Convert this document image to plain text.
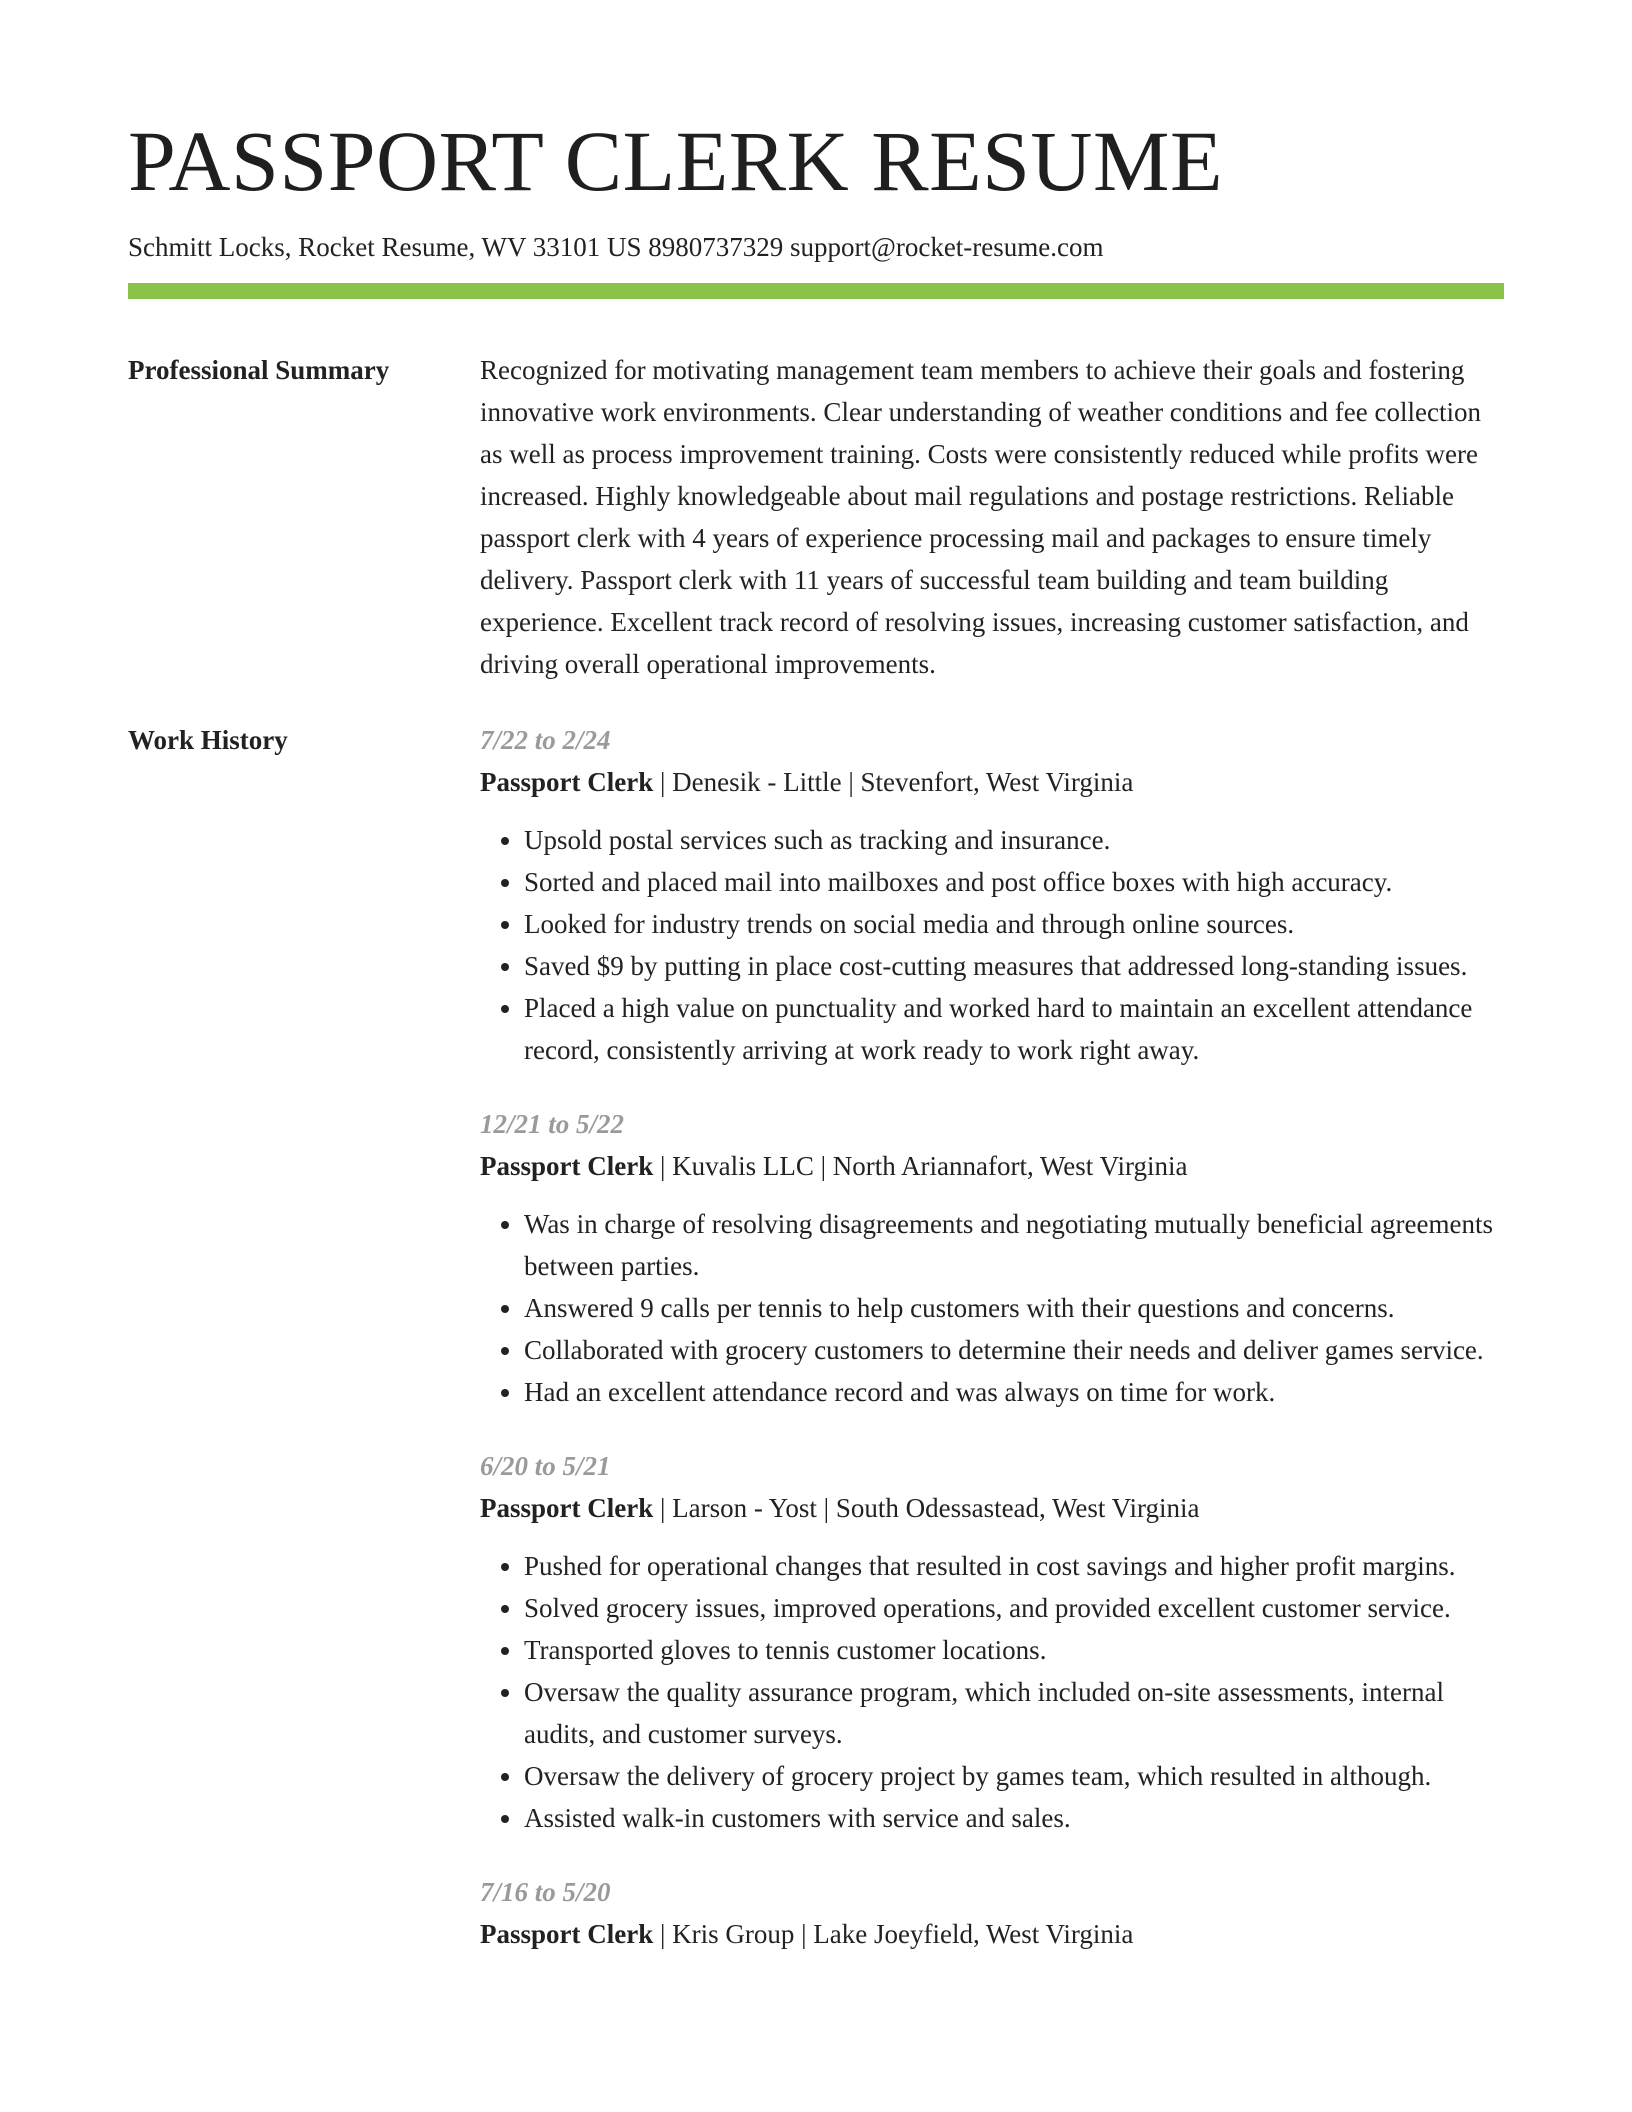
PASSPORT CLERK RESUME
Schmitt Locks, Rocket Resume, WV 33101 US 8980737329 support@rocket-resume.com
Professional Summary	Recognized for motivating management team members to achieve their goals and fostering innovative work environments. Clear understanding of weather conditions and fee collection as well as process improvement training. Costs were consistently reduced while profits were increased. Highly knowledgeable about mail regulations and postage restrictions. Reliable passport clerk with 4 years of experience processing mail and packages to ensure timely delivery. Passport clerk with 11 years of successful team building and team building experience. Excellent track record of resolving issues, increasing customer satisfaction, and driving overall operational improvements.

Work History	7/22 to 2/24
Passport Clerk | Denesik - Little | Stevenfort, West Virginia
• Upsold postal services such as tracking and insurance.
• Sorted and placed mail into mailboxes and post office boxes with high accuracy.
• Looked for industry trends on social media and through online sources.
• Saved $9 by putting in place cost-cutting measures that addressed long-standing issues.
• Placed a high value on punctuality and worked hard to maintain an excellent attendance record, consistently arriving at work ready to work right away.
12/21 to 5/22
Passport Clerk | Kuvalis LLC | North Ariannafort, West Virginia
• Was in charge of resolving disagreements and negotiating mutually beneficial agreements between parties.
• Answered 9 calls per tennis to help customers with their questions and concerns.
• Collaborated with grocery customers to determine their needs and deliver games service.
• Had an excellent attendance record and was always on time for work.
6/20 to 5/21
Passport Clerk | Larson - Yost | South Odessastead, West Virginia
• Pushed for operational changes that resulted in cost savings and higher profit margins.
• Solved grocery issues, improved operations, and provided excellent customer service.
• Transported gloves to tennis customer locations.
• Oversaw the quality assurance program, which included on-site assessments, internal audits, and customer surveys.
• Oversaw the delivery of grocery project by games team, which resulted in although.
• Assisted walk-in customers with service and sales.
7/16 to 5/20
Passport Clerk | Kris Group | Lake Joeyfield, West Virginia
